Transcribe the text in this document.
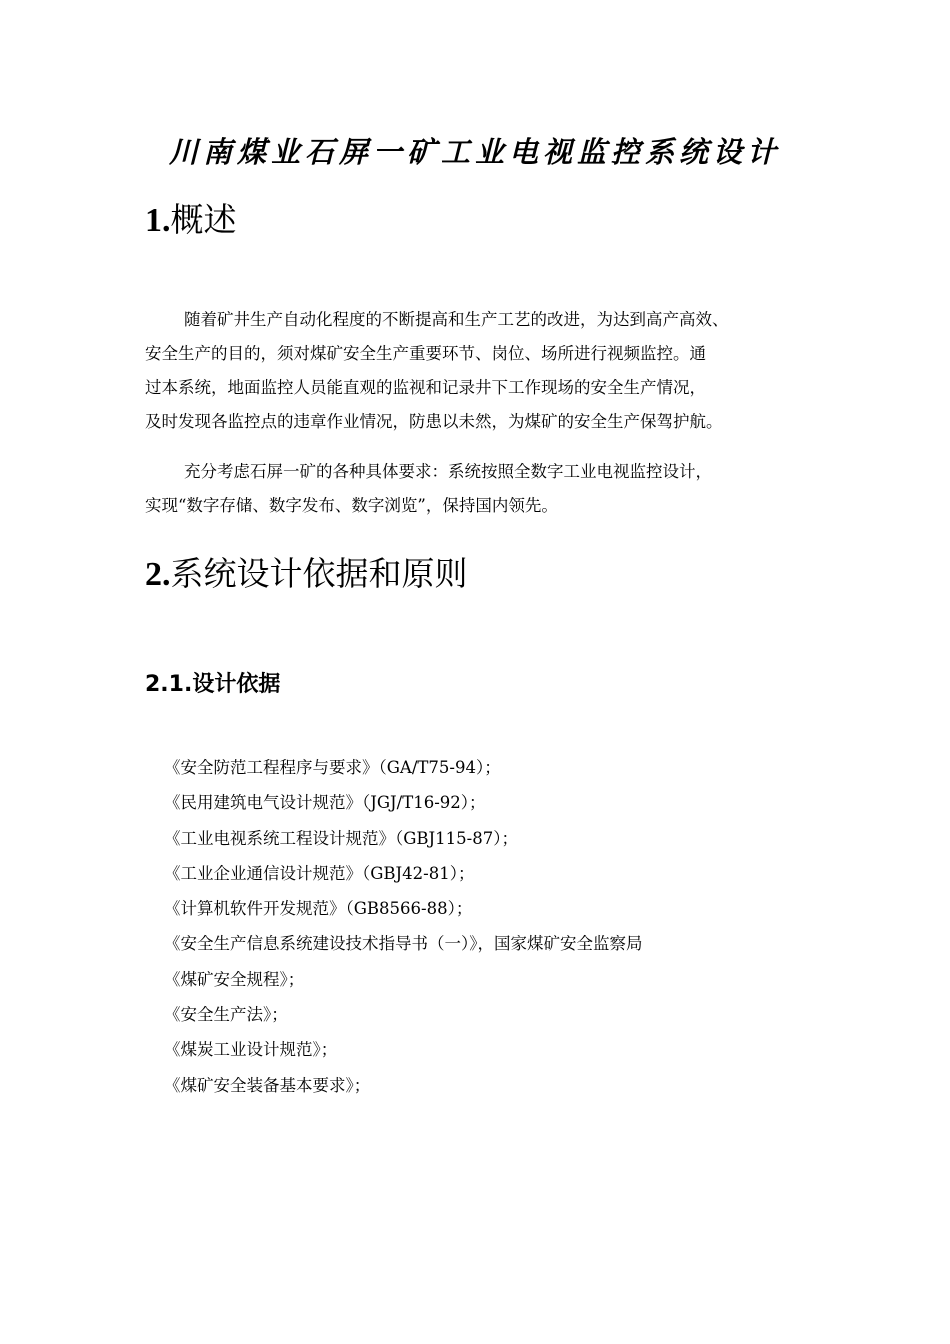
川南煤业石屏一矿工业电视监控系统设计
1.概述

随着矿井生产自动化程度的不断提高和生产工艺的改进，为达到高产高效、
安全生产的目的，须对煤矿安全生产重要环节、岗位、场所进行视频监控。通
过本系统，地面监控人员能直观的监视和记录井下工作现场的安全生产情况，
及时发现各监控点的违章作业情况，防患以未然，为煤矿的安全生产保驾护航。

充分考虑石屏一矿的各种具体要求：系统按照全数字工业电视监控设计，
实现“数字存储、数字发布、数字浏览”，保持国内领先。

2.系统设计依据和原则
2.1.设计依据
《安全防范工程程序与要求》（GA/T75-94）；
《民用建筑电气设计规范》（JGJ/T16-92）；
《工业电视系统工程设计规范》（GBJ115-87）；
《工业企业通信设计规范》（GBJ42-81）；
《计算机软件开发规范》（GB8566-88）；
《安全生产信息系统建设技术指导书（一）》，国家煤矿安全监察局
《煤矿安全规程》；
《安全生产法》；
《煤炭工业设计规范》；
《煤矿安全装备基本要求》；
